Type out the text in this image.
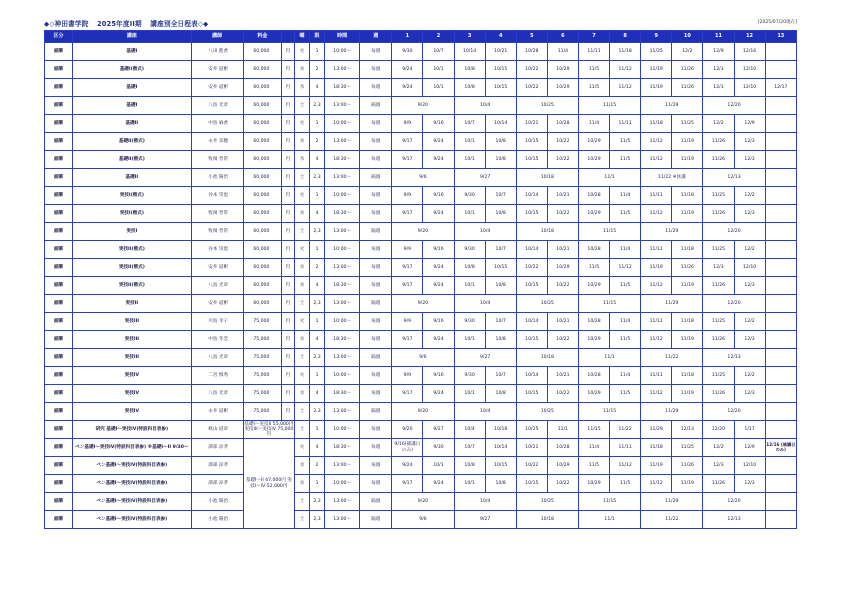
◆◇神田書学院 2025年度II期 講座別全日程表◇◆	[2025/07/20現在]
区分	講座	講師	料金		曜	限	時間	週	1	2	3	4	5	6	7	8	9	10	11	12	13
細筆	基礎I	八田 藍香	60,000	円	火	1	10:00〜	毎週	9/30	10/7	10/14	10/21	10/28	11/4	11/11	11/18	11/25	12/2	12/9	12/16	
細筆	基礎I(楷式)	安井 道彬	60,000	円	水	2	13:00〜	毎週	9/24	10/1	10/8	10/15	10/22	10/29	11/5	11/12	11/19	11/26	12/3	12/10	
細筆	基礎I	安井 道彬	60,000	円	水	4	18:30〜	毎週	9/24	10/1	10/8	10/15	10/22	10/29	11/5	11/12	11/19	11/26	12/3	12/10	12/17
細筆	基礎I	八島 光章	60,000	円	土	2,3	13:00〜	隔週	9/20		10/4		10/25		11/15		11/29		12/20		
細筆	基礎II	中島 麻香	60,000	円	火	1	10:00〜	毎週	9/9	9/16	10/7	10/14	10/21	10/28	11/4	11/11	11/18	11/25	12/2	12/9	
細筆	基礎II(楷式)	永井 奈穂	60,000	円	水	2	13:00〜	毎週	9/17	9/24	10/1	10/8	10/15	10/22	10/29	11/5	11/12	11/19	11/26	12/3	
細筆	基礎II(楷式)	牧岡 晋常	60,000	円	水	4	18:30〜	毎週	9/17	9/24	10/1	10/8	10/15	10/22	10/29	11/5	11/12	11/19	11/26	12/3	
細筆	基礎II	小池 陽治	60,000	円	土	2,3	13:00〜	隔週	9/6		9/27		10/18		11/1		11/22 ※休講		12/13		
細筆	実技I(楷式)	谷本 崇恵	60,000	円	火	1	10:00〜	毎週	9/9	9/16	9/30	10/7	10/14	10/21	10/28	11/4	11/11	11/18	11/25	12/2	
細筆	実技I(楷式)	牧岡 晋常	60,000	円	水	4	18:30〜	毎週	9/17	9/24	10/1	10/8	10/15	10/22	10/29	11/5	11/12	11/19	11/26	12/3	
細筆	実技I	牧岡 晋常	60,000	円	土	2,3	13:00〜	隔週	9/20		10/4		10/18		11/15		11/29		12/20		
細筆	実技II(楷式)	谷本 崇恵	60,000	円	火	1	10:00〜	毎週	9/9	9/16	9/30	10/7	10/14	10/21	10/28	11/4	11/11	11/18	11/25	12/2	
細筆	実技II(楷式)	安井 道彬	60,000	円	水	2	13:00〜	毎週	9/17	9/24	10/8	10/15	10/22	10/29	11/5	11/12	11/19	11/26	12/3	12/10	
細筆	実技II(楷式)	八島 光章	60,000	円	水	4	18:30〜	毎週	9/17	9/24	10/1	10/8	10/15	10/22	10/29	11/5	11/12	11/19	11/26	12/3	
細筆	実技II	安井 道彬	60,000	円	土	2,3	13:00〜	隔週	9/20		10/4		10/25		11/15		11/29		12/20		
細筆	実技III	川島 幸子	75,000	円	火	1	10:00〜	毎週	9/9	9/16	9/30	10/7	10/14	10/21	10/28	11/4	11/11	11/18	11/25	12/2	
細筆	実技III	中島 冬恋	75,000	円	水	4	18:30〜	毎週	9/17	9/24	10/1	10/8	10/15	10/22	10/29	11/5	11/12	11/19	11/26	12/3	
細筆	実技III	八島 光章	75,000	円	土	2,3	13:00〜	隔週	9/6		9/27		10/18		11/1		11/22		12/13		
細筆	実技IV	二宮 慎秀	75,000	円	火	1	10:00〜	毎週	9/9	9/16	9/30	10/7	10/14	10/21	10/28	11/4	11/11	11/18	11/25	12/2	
細筆	実技IV	八島 光章	75,000	円	水	4	18:30〜	毎週	9/17	9/24	10/1	10/8	10/15	10/22	10/29	11/5	11/12	11/19	11/26	12/3	
細筆	実技IV	永井 道彬	75,000	円	土	2,3	13:00〜	隔週	9/20		10/4		10/25		11/15		11/29		12/20		
細筆	研究 基礎I〜実技IV(特設科目表参)	秋山 道章	基礎I〜実技II 55,000円 実技III〜実技IV 75,000円		土	1	10:00〜	毎週	9/20	9/27	10/4	10/18	10/25	11/1	11/15	11/22	11/29	12/13	12/20	1/17	
細筆	ペン基礎I〜実技IV(特設科目表参) ※基礎I〜II 9/30〜	澤部 涼孝	基礎I〜II 47,000円 実技I〜IV 52,000円		火	4	18:30〜	毎週	9/16(補講日のみ)	9/30	10/7	10/14	10/21	10/28	11/4	11/11	11/18	11/25	12/2	12/9	12/16 (補講日のみ)
細筆	ペン基礎I〜実技IV(特設科目表参)	澤部 涼孝			水	2	13:00〜	毎週	9/24	10/1	10/8	10/15	10/22	10/29	11/5	11/12	11/19	11/26	12/3	12/10	
細筆	ペン基礎I〜実技IV(特設科目表参)	澤部 涼孝			水	1	10:00〜	毎週	9/17	9/24	10/1	10/8	10/15	10/22	10/29	11/5	11/12	11/19	11/26	12/3	
細筆	ペン基礎I〜実技IV(特設科目表参)	小池 陽治			土	2,3	13:00〜	隔週	9/20		10/4		10/25		11/15		11/29		12/20		
細筆	ペン基礎I〜実技IV(特設科目表参)	小池 陽治			土	2,3	13:00〜	隔週	9/6		9/27		10/18		11/1		11/22		12/13		
